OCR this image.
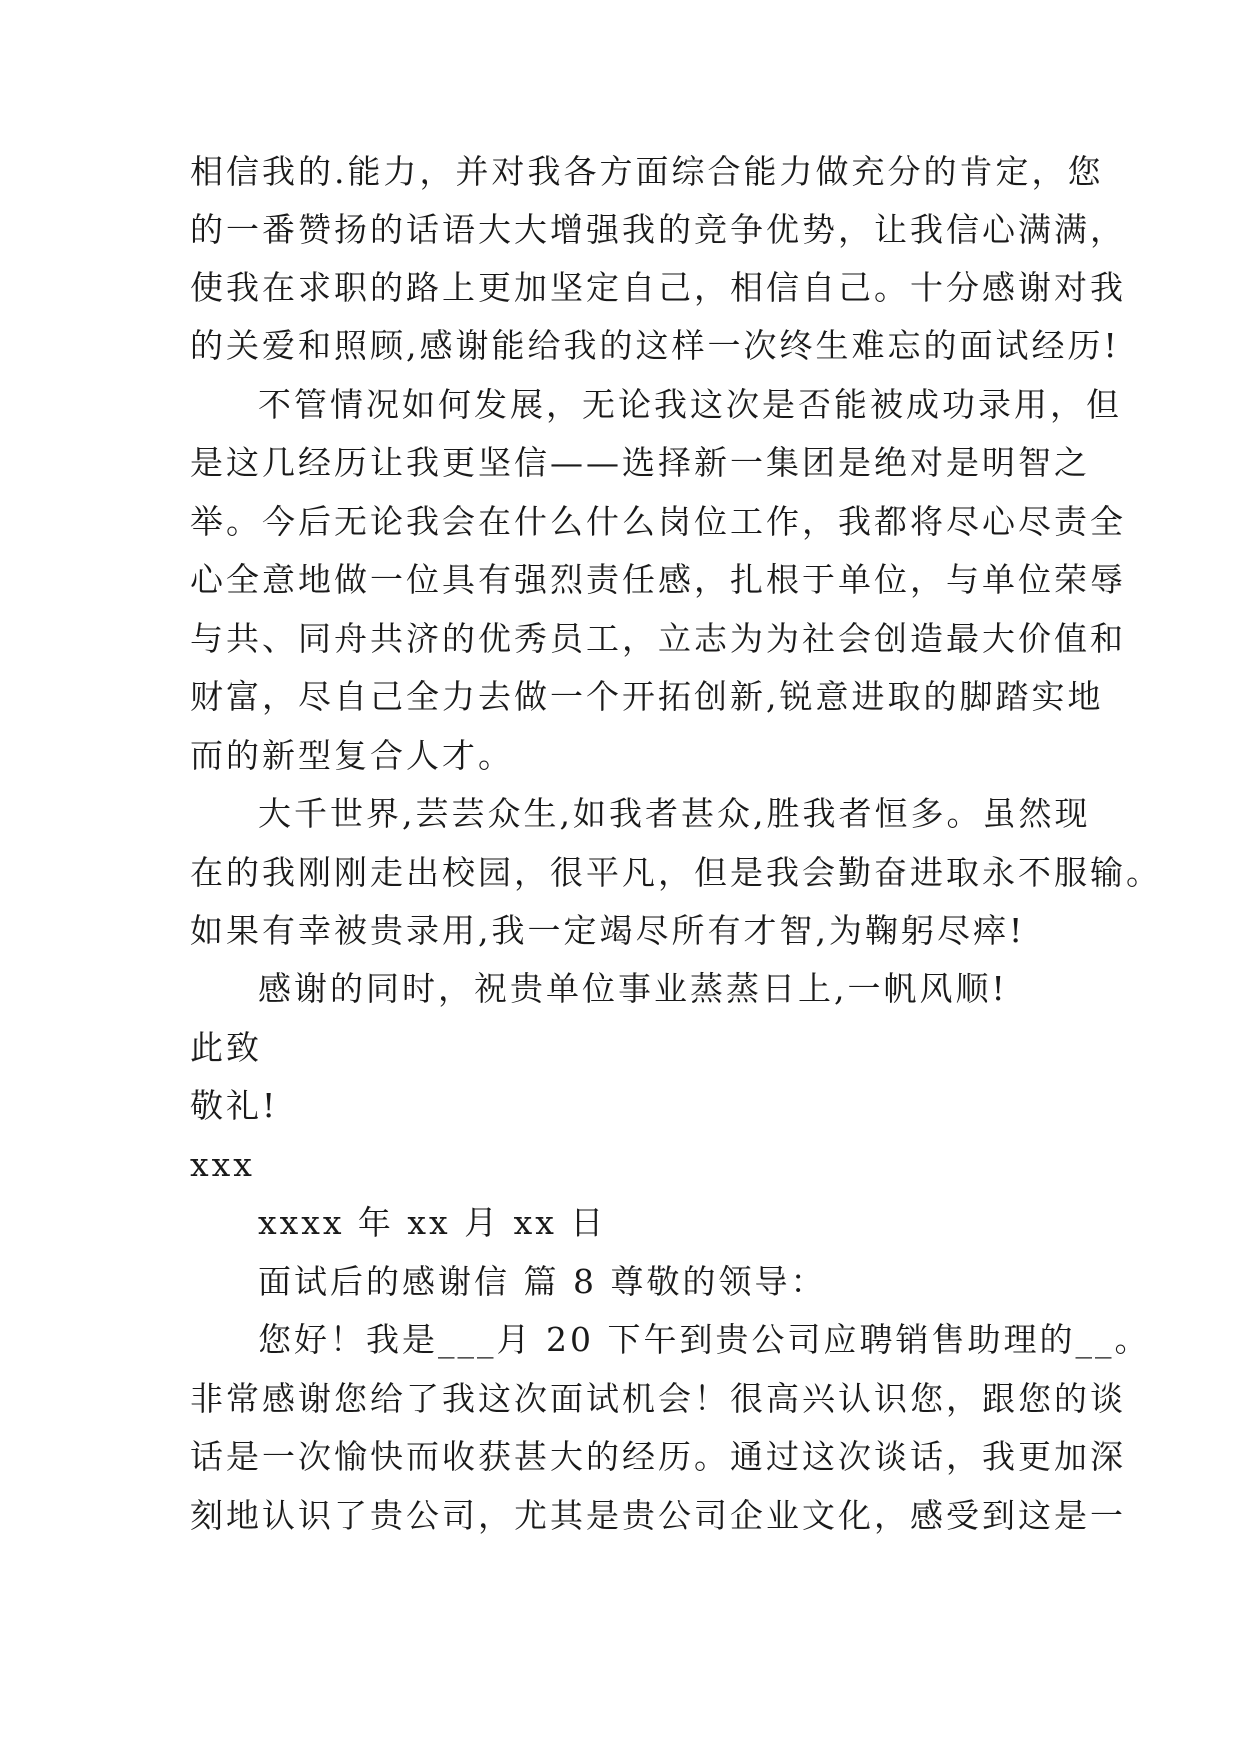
相信我的.能力，并对我各方面综合能力做充分的肯定，您
的一番赞扬的话语大大增强我的竞争优势，让我信心满满，
使我在求职的路上更加坚定自己，相信自己。十分感谢对我
的关爱和照顾,感谢能给我的这样一次终生难忘的面试经历!
不管情况如何发展，无论我这次是否能被成功录用，但
是这几经历让我更坚信——选择新一集团是绝对是明智之
举。今后无论我会在什么什么岗位工作，我都将尽心尽责全
心全意地做一位具有强烈责任感，扎根于单位，与单位荣辱
与共、同舟共济的优秀员工，立志为为社会创造最大价值和
财富，尽自己全力去做一个开拓创新,锐意进取的脚踏实地
而的新型复合人才。
大千世界,芸芸众生,如我者甚众,胜我者恒多。虽然现
在的我刚刚走出校园，很平凡，但是我会勤奋进取永不服输。
如果有幸被贵录用,我一定竭尽所有才智,为鞠躬尽瘁!
感谢的同时，祝贵单位事业蒸蒸日上,一帆风顺!
此致
敬礼!
xxx
xxxx 年 xx 月 xx 日
面试后的感谢信 篇 8 尊敬的领导：
您好！我是___月 20 下午到贵公司应聘销售助理的__。
非常感谢您给了我这次面试机会！很高兴认识您，跟您的谈
话是一次愉快而收获甚大的经历。通过这次谈话，我更加深
刻地认识了贵公司，尤其是贵公司企业文化，感受到这是一
